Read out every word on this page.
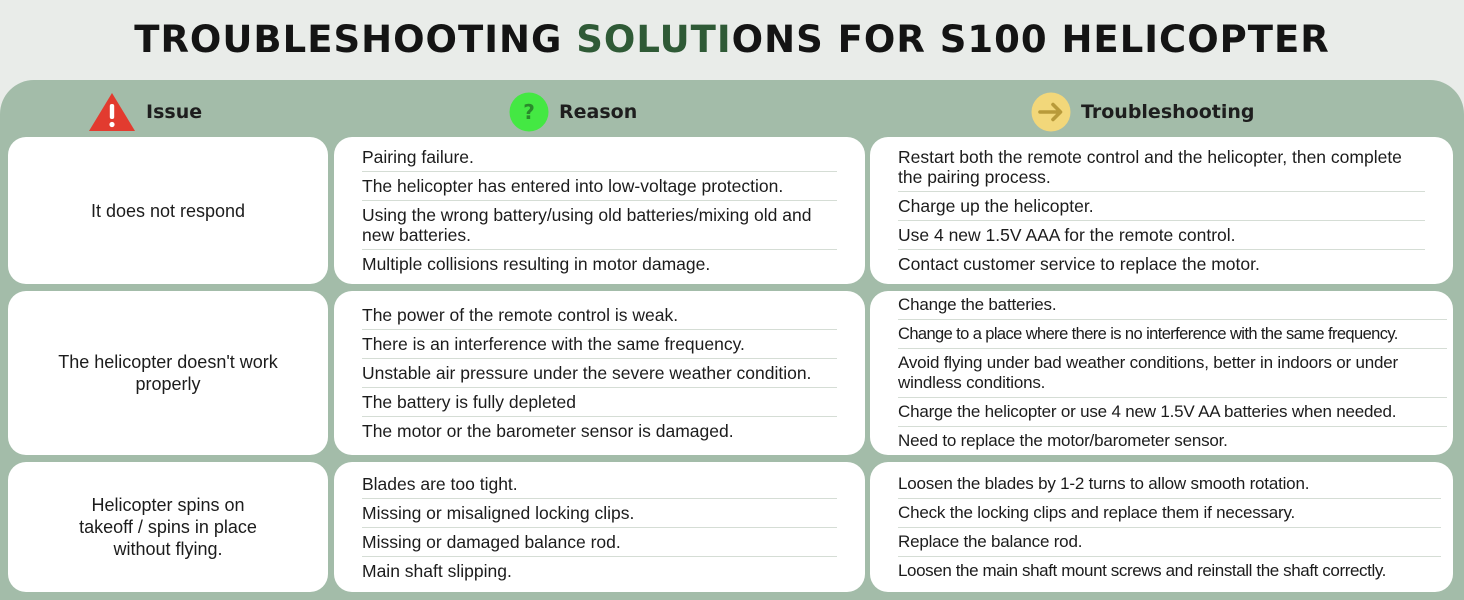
TROUBLESHOOTING SOLUTIONS FOR S100 HELICOPTER
Issue	? Reason	Troubleshooting
It does not respond
Pairing failure.
The helicopter has entered into low-voltage protection.
Using the wrong battery/using old batteries/mixing old and new batteries.
Multiple collisions resulting in motor damage.
Restart both the remote control and the helicopter, then complete the pairing process.
Charge up the helicopter.
Use 4 new 1.5V AAA for the remote control.
Contact customer service to replace the motor.
The helicopter doesn't work properly
The power of the remote control is weak.
There is an interference with the same frequency.
Unstable air pressure under the severe weather condition.
The battery is fully depleted
The motor or the barometer sensor is damaged.
Change the batteries.
Change to a place where there is no interference with the same frequency.
Avoid flying under bad weather conditions, better in indoors or under windless conditions.
Charge the helicopter or use 4 new 1.5V AA batteries when needed.
Need to replace the motor/barometer sensor.
Helicopter spins on
takeoff / spins in place
without flying.
Blades are too tight.
Missing or misaligned locking clips.
Missing or damaged balance rod.
Main shaft slipping.
Loosen the blades by 1-2 turns to allow smooth rotation.
Check the locking clips and replace them if necessary.
Replace the balance rod.
Loosen the main shaft mount screws and reinstall the shaft correctly.
